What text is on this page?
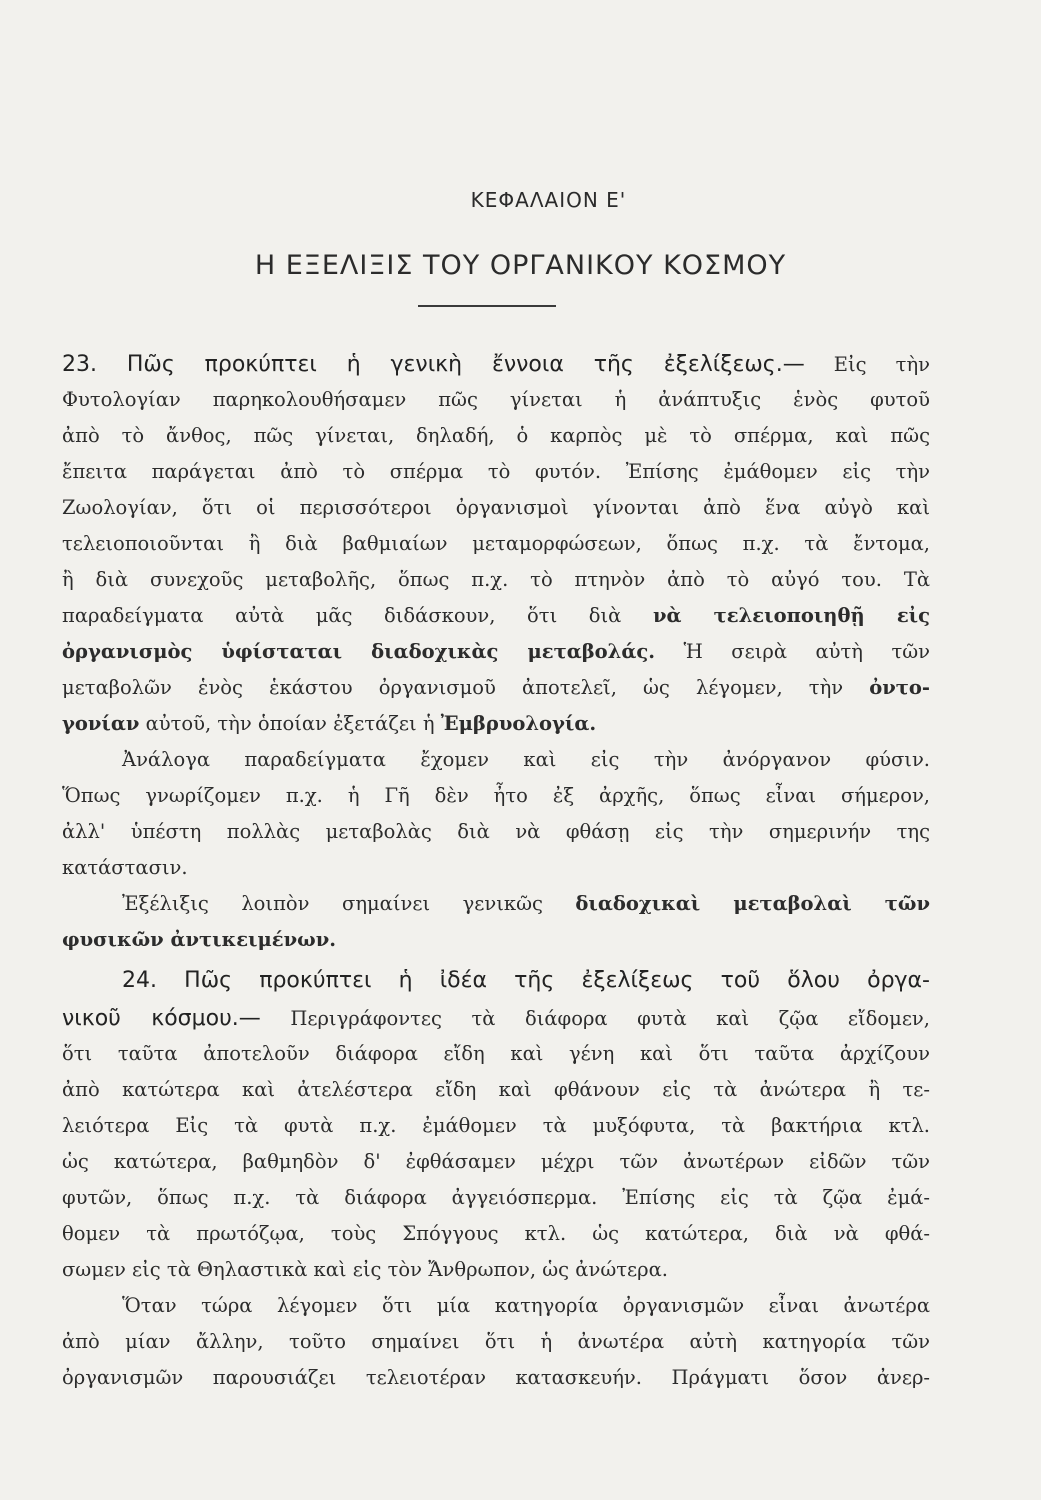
ΚΕΦΑΛΑΙΟΝ Ε'
Η ΕΞΕΛΙΞΙΣ ΤΟΥ ΟΡΓΑΝΙΚΟΥ ΚΟΣΜΟΥ
23. Πῶς προκύπτει ἡ γενικὴ ἔννοια τῆς ἐξελίξεως.— Εἰς τὴν
Φυτολογίαν παρηκολουθήσαμεν πῶς γίνεται ἡ ἀνάπτυξις ἑνὸς φυτοῦ
ἀπὸ τὸ ἄνθος, πῶς γίνεται, δηλαδή, ὁ καρπὸς μὲ τὸ σπέρμα, καὶ πῶς
ἔπειτα παράγεται ἀπὸ τὸ σπέρμα τὸ φυτόν. Ἐπίσης ἐμάθομεν εἰς τὴν
Ζωολογίαν, ὅτι οἱ περισσότεροι ὀργανισμοὶ γίνονται ἀπὸ ἕνα αὐγὸ καὶ
τελειοποιοῦνται ἢ διὰ βαθμιαίων μεταμορφώσεων, ὅπως π.χ. τὰ ἔντομα,
ἢ διὰ συνεχοῦς μεταβολῆς, ὅπως π.χ. τὸ πτηνὸν ἀπὸ τὸ αὐγό του. Τὰ
παραδείγματα αὐτὰ μᾶς διδάσκουν, ὅτι διὰ νὰ τελειοποιηθῇ εἰς
ὀργανισμὸς ὑφίσταται διαδοχικὰς μεταβολάς. Ἡ σειρὰ αὐτὴ τῶν
μεταβολῶν ἑνὸς ἑκάστου ὀργανισμοῦ ἀποτελεῖ, ὡς λέγομεν, τὴν ὀντο-
γονίαν αὐτοῦ, τὴν ὁποίαν ἐξετάζει ἡ Ἐμβρυολογία.
Ἀνάλογα παραδείγματα ἔχομεν καὶ εἰς τὴν ἀνόργανον φύσιν.
Ὅπως γνωρίζομεν π.χ. ἡ Γῆ δὲν ἦτο ἐξ ἀρχῆς, ὅπως εἶναι σήμερον,
ἀλλ' ὑπέστη πολλὰς μεταβολὰς διὰ νὰ φθάσῃ εἰς τὴν σημερινήν της
κατάστασιν.
Ἐξέλιξις λοιπὸν σημαίνει γενικῶς διαδοχικαὶ μεταβολαὶ τῶν
φυσικῶν ἀντικειμένων.
24. Πῶς προκύπτει ἡ ἰδέα τῆς ἐξελίξεως τοῦ ὅλου ὀργα-
νικοῦ κόσμου.— Περιγράφοντες τὰ διάφορα φυτὰ καὶ ζῷα εἴδομεν,
ὅτι ταῦτα ἀποτελοῦν διάφορα εἴδη καὶ γένη καὶ ὅτι ταῦτα ἀρχίζουν
ἀπὸ κατώτερα καὶ ἀτελέστερα εἴδη καὶ φθάνουν εἰς τὰ ἀνώτερα ἢ τε-
λειότερα Εἰς τὰ φυτὰ π.χ. ἐμάθομεν τὰ μυξόφυτα, τὰ βακτήρια κτλ.
ὡς κατώτερα, βαθμηδὸν δ' ἐφθάσαμεν μέχρι τῶν ἀνωτέρων εἰδῶν τῶν
φυτῶν, ὅπως π.χ. τὰ διάφορα ἀγγειόσπερμα. Ἐπίσης εἰς τὰ ζῷα ἐμά-
θομεν τὰ πρωτόζῳα, τοὺς Σπόγγους κτλ. ὡς κατώτερα, διὰ νὰ φθά-
σωμεν εἰς τὰ Θηλαστικὰ καὶ εἰς τὸν Ἄνθρωπον, ὡς ἀνώτερα.
Ὅταν τώρα λέγομεν ὅτι μία κατηγορία ὀργανισμῶν εἶναι ἀνωτέρα
ἀπὸ μίαν ἄλλην, τοῦτο σημαίνει ὅτι ἡ ἀνωτέρα αὐτὴ κατηγορία τῶν
ὀργανισμῶν παρουσιάζει τελειοτέραν κατασκευήν. Πράγματι ὅσον ἀνερ-
